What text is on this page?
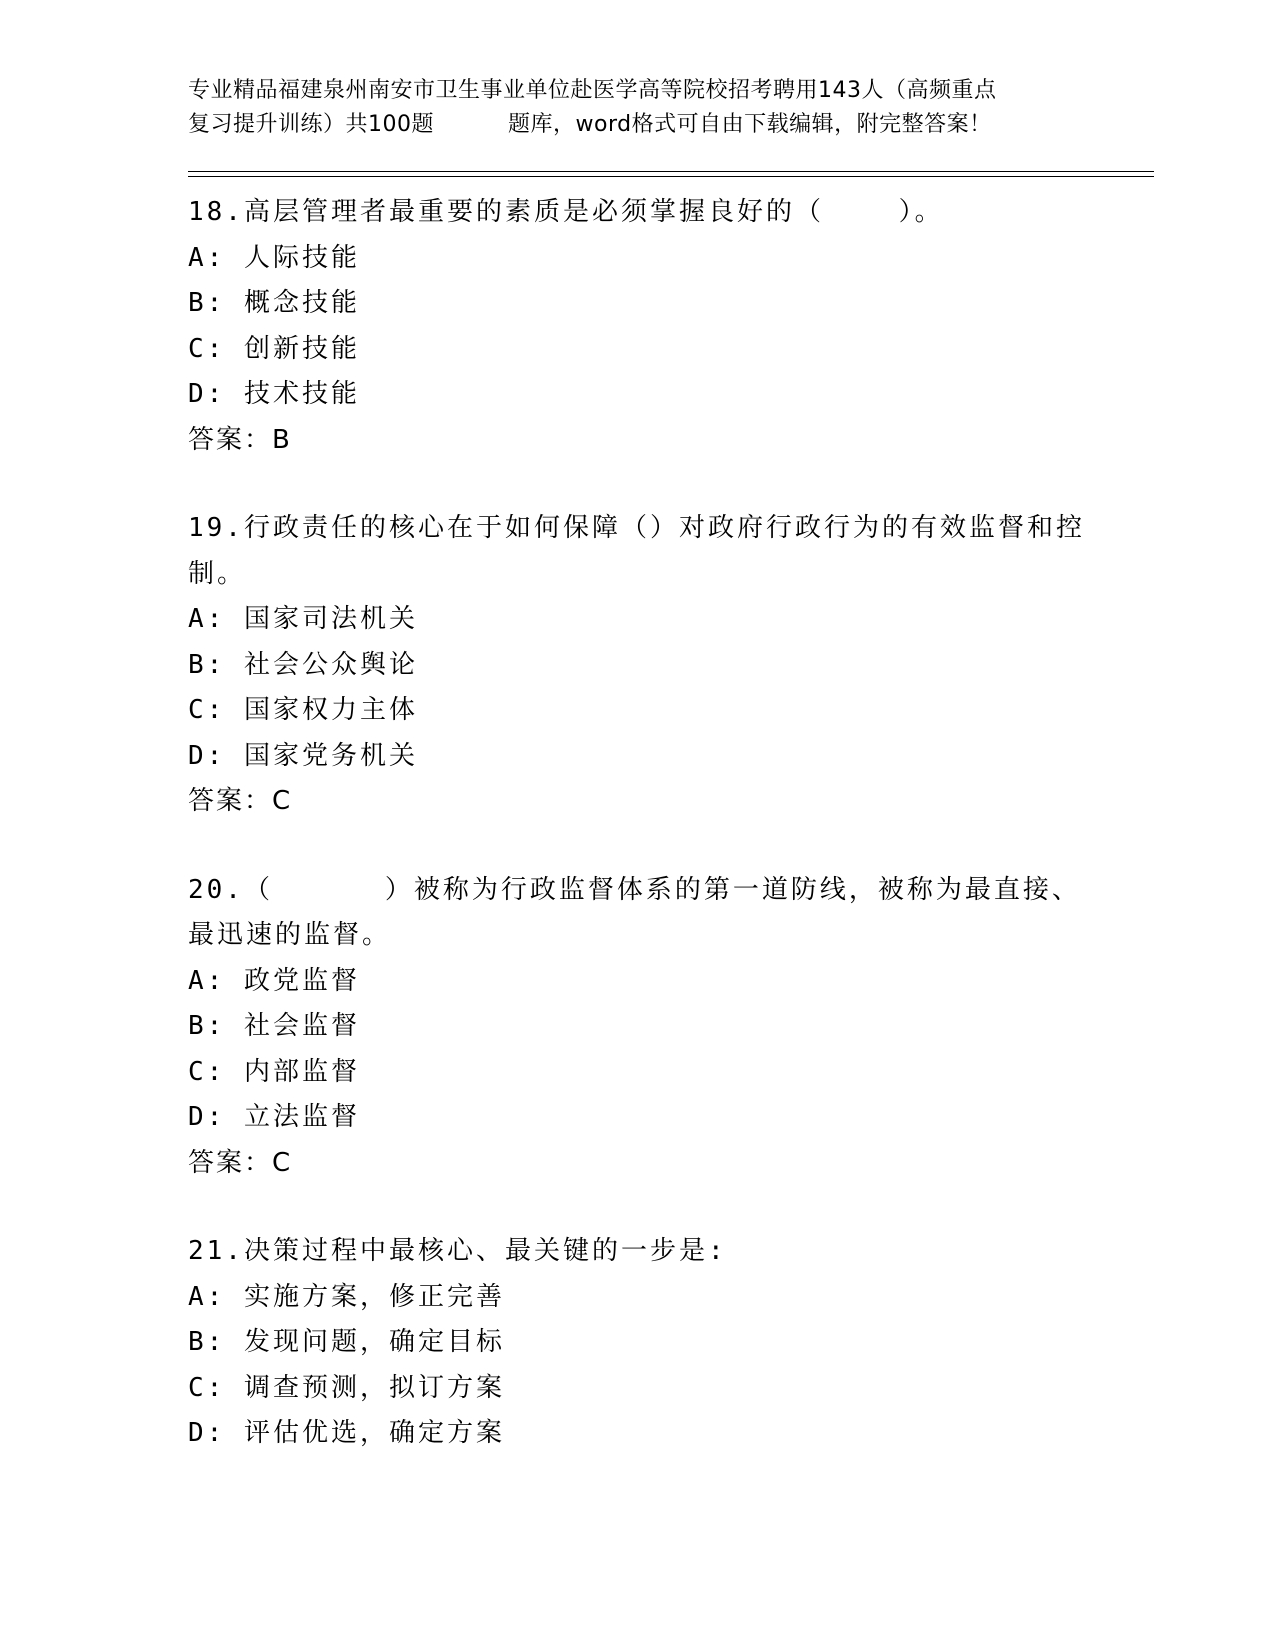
专业精品福建泉州南安市卫生事业单位赴医学高等院校招考聘用143人（高频重点
复习提升训练）共100题	题库，word格式可自由下载编辑，附完整答案！

18.高层管理者最重要的素质是必须掌握良好的（    ）。

A: 人际技能

B: 概念技能

C: 创新技能

D: 技术技能

答案：B

19.行政责任的核心在于如何保障（）对政府行政行为的有效监督和控制。

A: 国家司法机关

B: 社会公众舆论

C: 国家权力主体

D: 国家党务机关

答案：C

20.（      ）被称为行政监督体系的第一道防线，被称为最直接、最迅速的监督。

A: 政党监督

B: 社会监督

C: 内部监督

D: 立法监督

答案：C

21.决策过程中最核心、最关键的一步是:

A: 实施方案，修正完善

B: 发现问题，确定目标

C: 调查预测，拟订方案

D: 评估优选，确定方案
